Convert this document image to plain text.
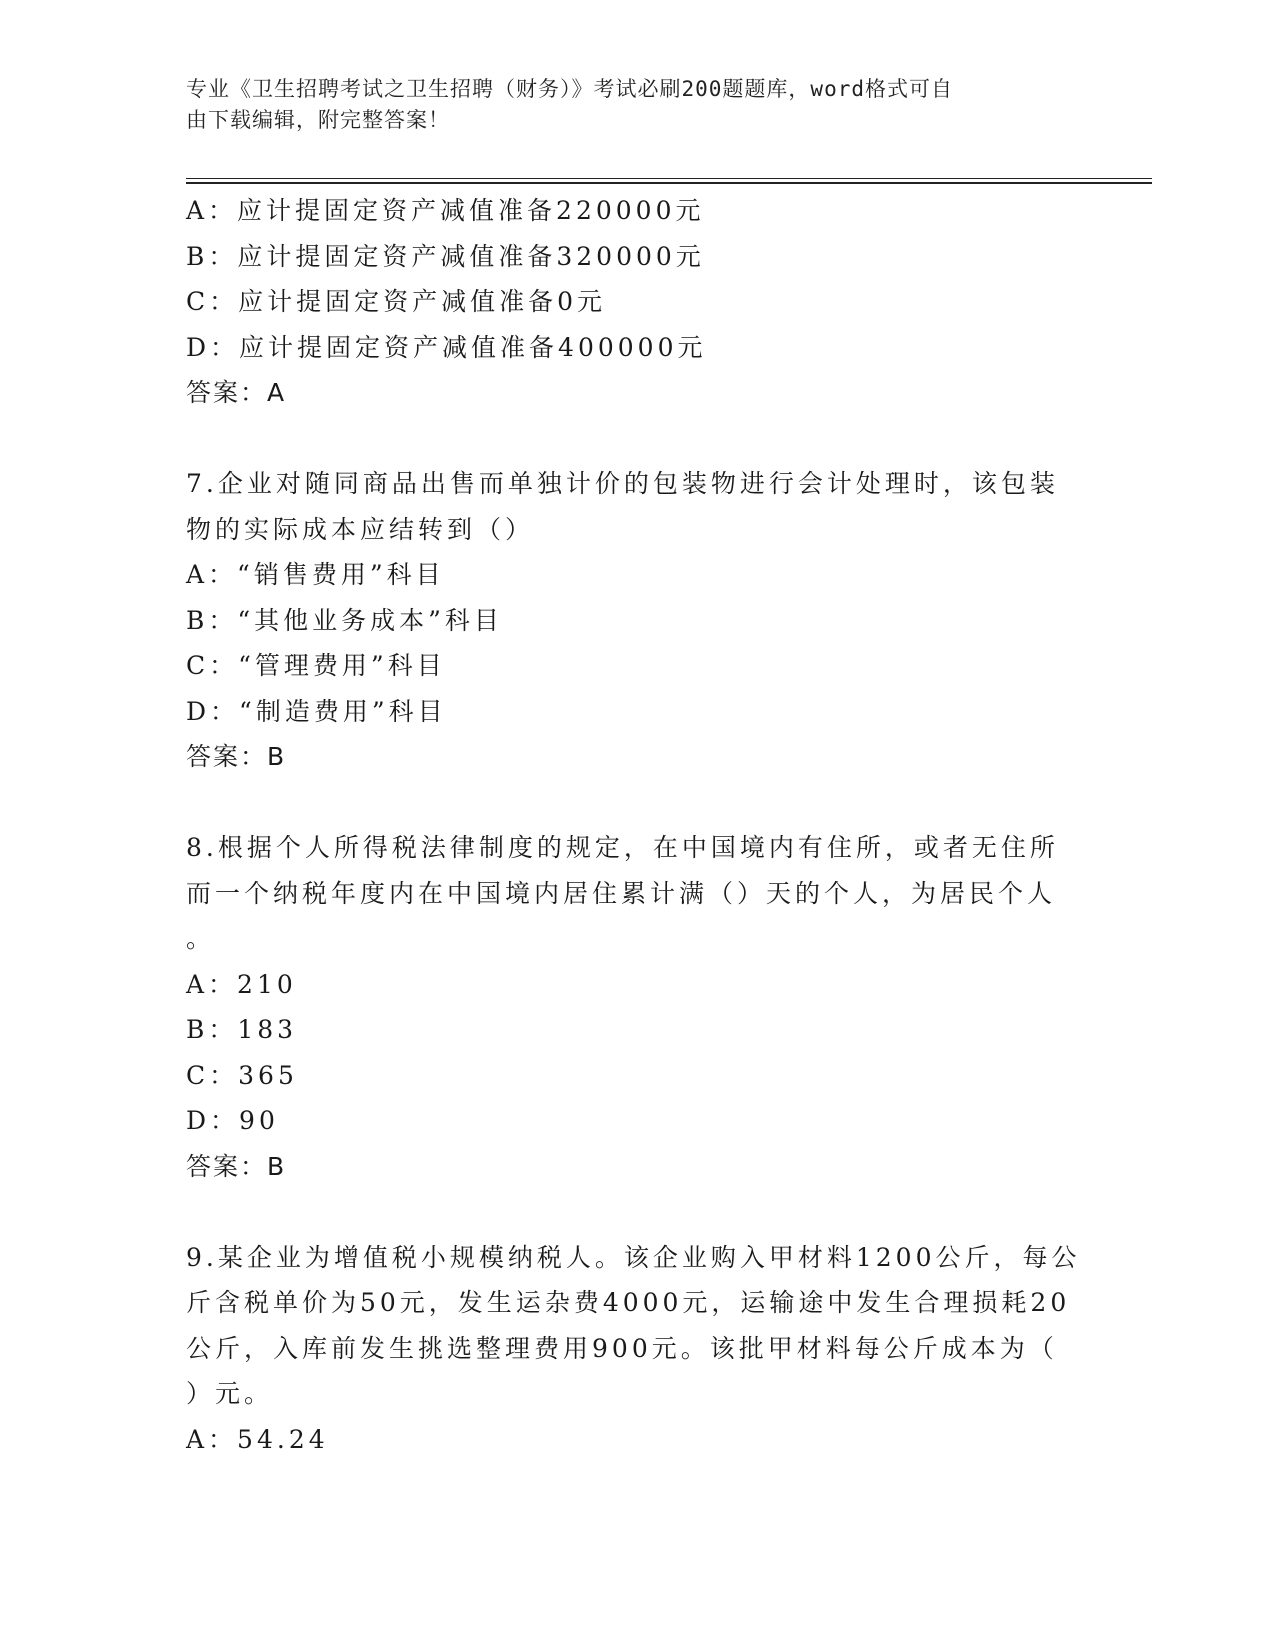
专业《卫生招聘考试之卫生招聘（财务）》考试必刷200题题库，word格式可自
由下载编辑，附完整答案！
A：应计提固定资产减值准备220000元
B：应计提固定资产减值准备320000元
C：应计提固定资产减值准备0元
D：应计提固定资产减值准备400000元
答案：A
7.企业对随同商品出售而单独计价的包装物进行会计处理时，该包装
物的实际成本应结转到（）
A：“销售费用”科目
B：“其他业务成本”科目
C：“管理费用”科目
D：“制造费用”科目
答案：B
8.根据个人所得税法律制度的规定，在中国境内有住所，或者无住所
而一个纳税年度内在中国境内居住累计满（）天的个人，为居民个人
。
A：210
B：183
C：365
D：90
答案：B
9.某企业为增值税小规模纳税人。该企业购入甲材料1200公斤，每公
斤含税单价为50元，发生运杂费4000元，运输途中发生合理损耗20
公斤，入库前发生挑选整理费用900元。该批甲材料每公斤成本为（
）元。
A：54.24
